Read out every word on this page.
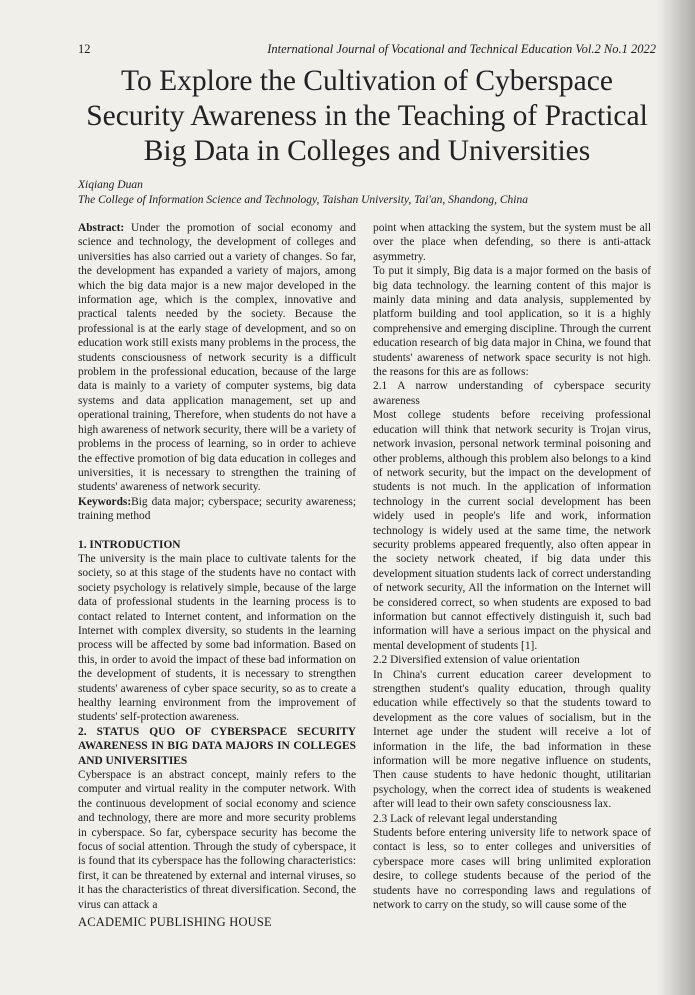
12	International Journal of Vocational and Technical Education Vol.2 No.1 2022
To Explore the Cultivation of Cyberspace Security Awareness in the Teaching of Practical Big Data in Colleges and Universities
Xiqiang Duan
The College of Information Science and Technology, Taishan University, Tai'an, Shandong, China

Abstract: Under the promotion of social economy and science and technology, the development of colleges and universities has also carried out a variety of changes. So far, the development has expanded a variety of majors, among which the big data major is a new major developed in the information age, which is the complex, innovative and practical talents needed by the society. Because the professional is at the early stage of development, and so on education work still exists many problems in the process, the students consciousness of network security is a difficult problem in the professional education, because of the large data is mainly to a variety of computer systems, big data systems and data application management, set up and operational training, Therefore, when students do not have a high awareness of network security, there will be a variety of problems in the process of learning, so in order to achieve the effective promotion of big data education in colleges and universities, it is necessary to strengthen the training of students' awareness of network security.

Keywords:Big data major; cyberspace; security awareness; training method

1. INTRODUCTION

The university is the main place to cultivate talents for the society, so at this stage of the students have no contact with society psychology is relatively simple, because of the large data of professional students in the learning process is to contact related to Internet content, and information on the Internet with complex diversity, so students in the learning process will be affected by some bad information. Based on this, in order to avoid the impact of these bad information on the development of students, it is necessary to strengthen students' awareness of cyber space security, so as to create a healthy learning environment from the improvement of students' self-protection awareness.

2. STATUS QUO OF CYBERSPACE SECURITY AWARENESS IN BIG DATA MAJORS IN COLLEGES AND UNIVERSITIES

Cyberspace is an abstract concept, mainly refers to the computer and virtual reality in the computer network. With the continuous development of social economy and science and technology, there are more and more security problems in cyberspace. So far, cyberspace security has become the focus of social attention. Through the study of cyberspace, it is found that its cyberspace has the following characteristics: first, it can be threatened by external and internal viruses, so it has the characteristics of threat diversification. Second, the virus can attack a

point when attacking the system, but the system must be all over the place when defending, so there is anti-attack asymmetry.

To put it simply, Big data is a major formed on the basis of big data technology. the learning content of this major is mainly data mining and data analysis, supplemented by platform building and tool application, so it is a highly comprehensive and emerging discipline. Through the current education research of big data major in China, we found that students' awareness of network space security is not high. the reasons for this are as follows:

2.1 A narrow understanding of cyberspace security awareness

Most college students before receiving professional education will think that network security is Trojan virus, network invasion, personal network terminal poisoning and other problems, although this problem also belongs to a kind of network security, but the impact on the development of students is not much. In the application of information technology in the current social development has been widely used in people's life and work, information technology is widely used at the same time, the network security problems appeared frequently, also often appear in the society network cheated, if big data under this development situation students lack of correct understanding of network security, All the information on the Internet will be considered correct, so when students are exposed to bad information but cannot effectively distinguish it, such bad information will have a serious impact on the physical and mental development of students [1].

2.2 Diversified extension of value orientation

In China's current education career development to strengthen student's quality education, through quality education while effectively so that the students toward to development as the core values of socialism, but in the Internet age under the student will receive a lot of information in the life, the bad information in these information will be more negative influence on students, Then cause students to have hedonic thought, utilitarian psychology, when the correct idea of students is weakened after will lead to their own safety consciousness lax.

2.3 Lack of relevant legal understanding

Students before entering university life to network space of contact is less, so to enter colleges and universities of cyberspace more cases will bring unlimited exploration desire, to college students because of the period of the students have no corresponding laws and regulations of network to carry on the study, so will cause some of the

ACADEMIC PUBLISHING HOUSE
